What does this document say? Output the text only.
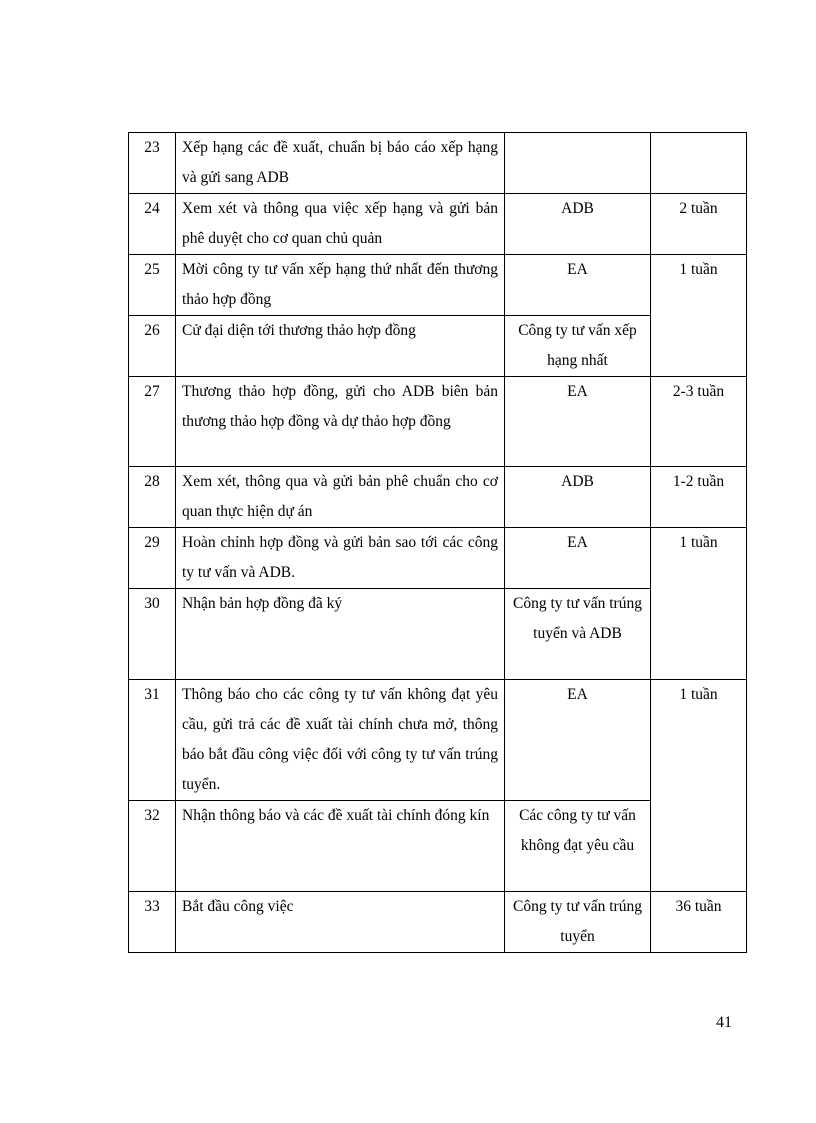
23	Xếp hạng các đề xuất, chuẩn bị báo cáo xếp hạng và gửi sang ADB		
24	Xem xét và thông qua việc xếp hạng và gửi bản phê duyệt cho cơ quan chủ quản	ADB	2 tuần
25	Mời công ty tư vấn xếp hạng thứ nhất đến thương thảo hợp đồng	EA	1 tuần
26	Cử đại diện tới thương thảo hợp đồng	Công ty tư vấn xếp hạng nhất	
27	Thương thảo hợp đồng, gửi cho ADB biên bản thương thảo hợp đồng và dự thảo hợp đồng	EA	2-3 tuần
28	Xem xét, thông qua và gửi bản phê chuẩn cho cơ quan thực hiện dự án	ADB	1-2 tuần
29	Hoàn chỉnh hợp đồng và gửi bản sao tới các công ty tư vấn và ADB.	EA	1 tuần
30	Nhận bản hợp đồng đã ký	Công ty tư vấn trúng tuyển và ADB	
31	Thông báo cho các công ty tư vấn không đạt yêu cầu, gửi trả các đề xuất tài chính chưa mở, thông báo bắt đầu công việc đối với công ty tư vấn trúng tuyển.	EA	1 tuần
32	Nhận thông báo và các đề xuất tài chính đóng kín	Các công ty tư vấn không đạt yêu cầu	
33	Bắt đầu công việc	Công ty tư vấn trúng tuyển	36 tuần
41
